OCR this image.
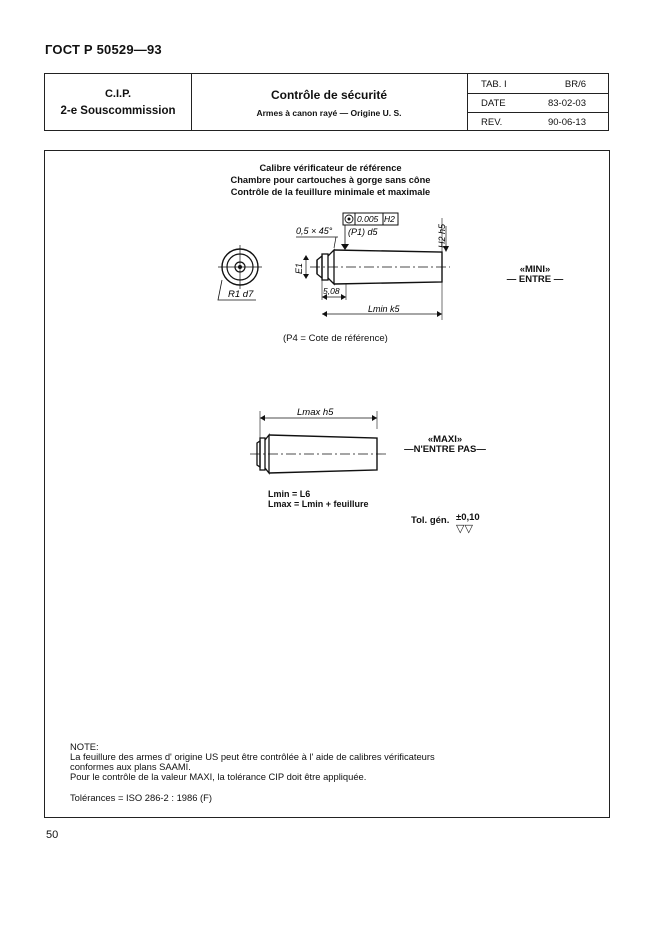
ГОСТ Р 50529—93
C.I.P.
2-e Souscommission
Contrôle de sécurité
Armes à canon rayé — Origine U. S.
TAB. I	BR/6
DATE	83-02-03
REV.	90-06-13
Calibre vérificateur de référence
Chambre pour cartouches à gorge sans cône
Contrôle de la feuillure minimale et maximale
R1 d7
0.005 H2
0,5 × 45° (P1) d5	H2 h5
E1
5,08
Lmin k5
«MINI»
— ENTRE —
(P4 = Cote de référence)
Lmax h5
«MAXI»
—N'ENTRE PAS—
Lmin = L6
Lmax = Lmin + feuillure
Tol. gén. ±0,10
▽▽
NOTE:
La feuillure des armes d' origine US peut être contrôlée à l' aide de calibres vérificateurs
conformes aux plans SAAMI.
Pour le contrôle de la valeur MAXI, la tolérance CIP doit être appliquée.
Tolérances = ISO 286-2 : 1986 (F)
50
